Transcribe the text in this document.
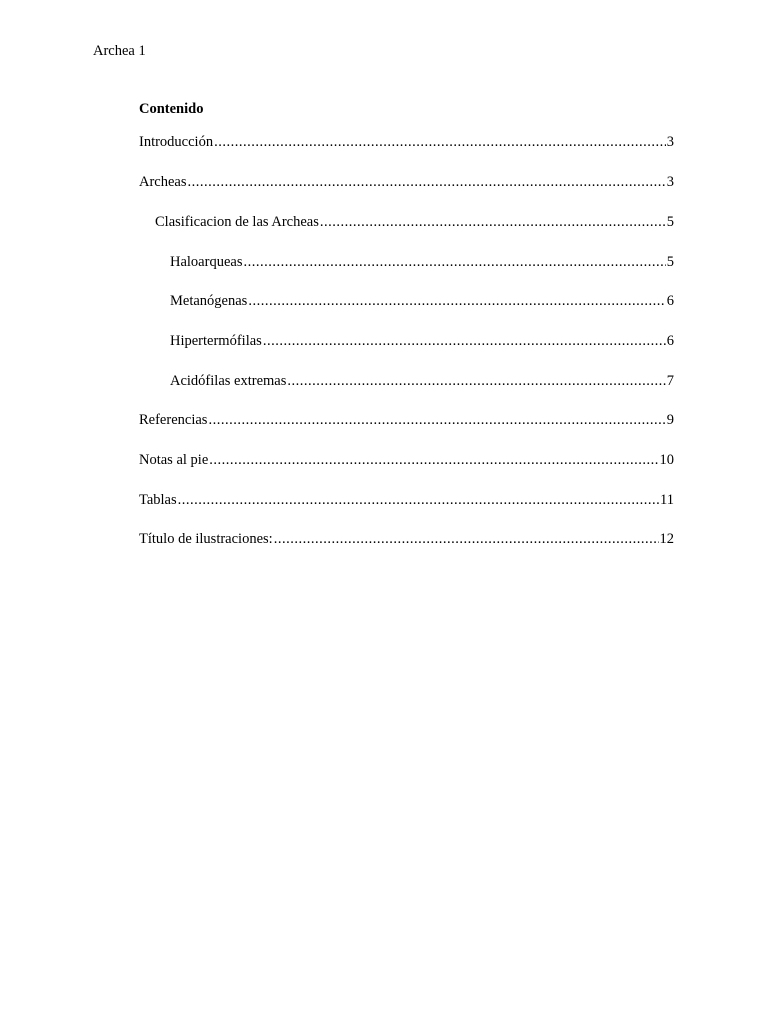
Archea 1
Contenido
Introducción .....	3
Archeas .....	3
Clasificacion de las Archeas .....	5
Haloarqueas .....	5
Metanógenas .....	6
Hipertermófilas .....	6
Acidófilas extremas .....	7
Referencias .....	9
Notas al pie .....	10
Tablas .....	11
Título de ilustraciones: .....	12
